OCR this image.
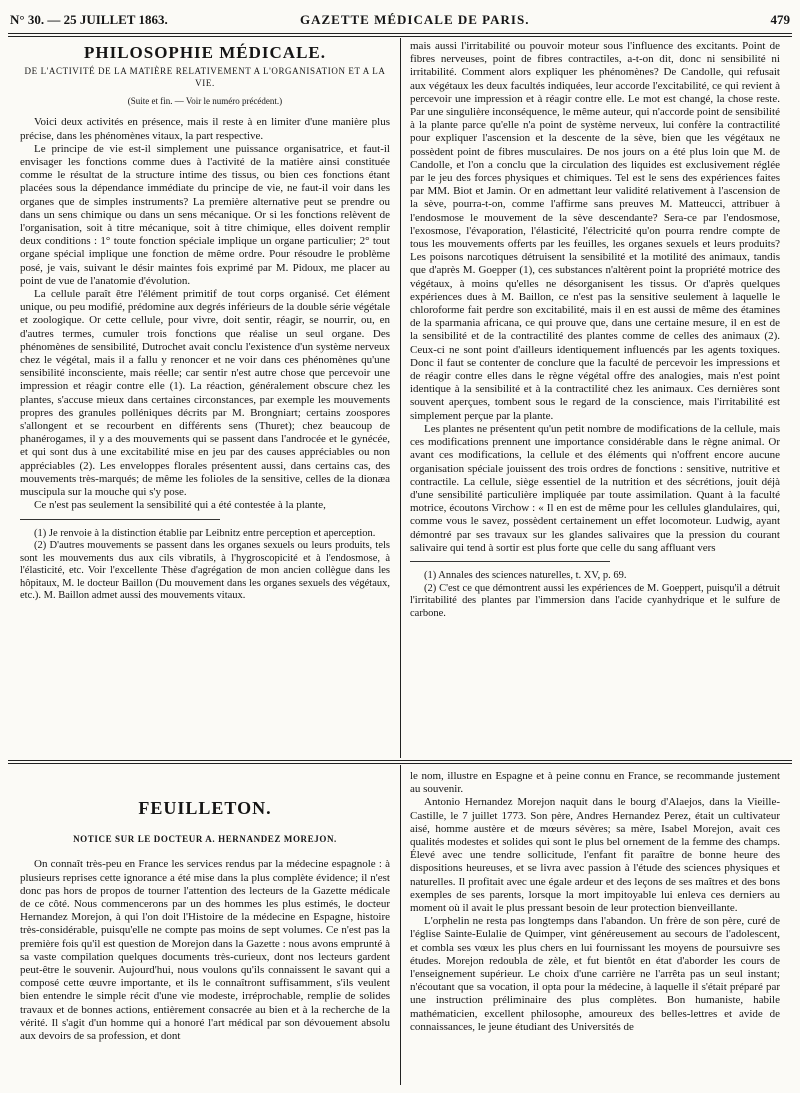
N° 30. — 25 JUILLET 1863.	GAZETTE MÉDICALE DE PARIS.	479
PHILOSOPHIE MÉDICALE.
DE L'ACTIVITÉ DE LA MATIÈRE RELATIVEMENT A L'ORGANISATION ET A LA VIE.
(Suite et fin. — Voir le numéro précédent.)

Voici deux activités en présence, mais il reste à en limiter d'une manière plus précise, dans les phénomènes vitaux, la part respective.

Le principe de vie est-il simplement une puissance organisatrice, et faut-il envisager les fonctions comme dues à l'activité de la matière ainsi constituée comme le résultat de la structure intime des tissus, ou bien ces fonctions étant placées sous la dépendance immédiate du principe de vie, ne faut-il voir dans les organes que de simples instruments? La première alternative peut se prendre ou dans un sens chimique ou dans un sens mécanique. Or si les fonctions relèvent de l'organisation, soit à titre mécanique, soit à titre chimique, elles doivent remplir deux conditions : 1° toute fonction spéciale implique un organe particulier; 2° tout organe spécial implique une fonction de même ordre. Pour résoudre le problème posé, je vais, suivant le désir maintes fois exprimé par M. Pidoux, me placer au point de vue de l'anatomie d'évolution.

La cellule paraît être l'élément primitif de tout corps organisé. Cet élément unique, ou peu modifié, prédomine aux degrés inférieurs de la double série végétale et zoologique. Or cette cellule, pour vivre, doit sentir, réagir, se nourrir, ou, en d'autres termes, cumuler trois fonctions que réalise un seul organe. Des phénomènes de sensibilité, Dutrochet avait conclu l'existence d'un système nerveux chez le végétal, mais il a fallu y renoncer et ne voir dans ces phénomènes qu'une sensibilité inconsciente, mais réelle; car sentir n'est autre chose que percevoir une impression et réagir contre elle (1). La réaction, généralement obscure chez les plantes, s'accuse mieux dans certaines circonstances, par exemple les mouvements propres des granules polléniques décrits par M. Brongniart; certains zoospores s'allongent et se recourbent en différents sens (Thuret); chez beaucoup de phanérogames, il y a des mouvements qui se passent dans l'androcée et le gynécée, et qui sont dus à une excitabilité mise en jeu par des causes appréciables ou non appréciables (2). Les enveloppes florales présentent aussi, dans certains cas, des mouvements très-marqués; de même les folioles de la sensitive, celles de la dionæa muscipula sur la mouche qui s'y pose.

Ce n'est pas seulement la sensibilité qui a été contestée à la plante,

(1) Je renvoie à la distinction établie par Leibnitz entre perception et aperception.

(2) D'autres mouvements se passent dans les organes sexuels ou leurs produits, tels sont les mouvements dus aux cils vibratils, à l'hygroscopicité et à l'endosmose, à l'élasticité, etc. Voir l'excellente Thèse d'agrégation de mon ancien collègue dans les hôpitaux, M. le docteur Baillon (Du mouvement dans les organes sexuels des végétaux, etc.). M. Baillon admet aussi des mouvements vitaux.

mais aussi l'irritabilité ou pouvoir moteur sous l'influence des excitants. Point de fibres nerveuses, point de fibres contractiles, a-t-on dit, donc ni sensibilité ni irritabilité. Comment alors expliquer les phénomènes? De Candolle, qui refusait aux végétaux les deux facultés indiquées, leur accorde l'excitabilité, ce qui revient à percevoir une impression et à réagir contre elle. Le mot est changé, la chose reste. Par une singulière inconséquence, le même auteur, qui n'accorde point de sensibilité à la plante parce qu'elle n'a point de système nerveux, lui confère la contractilité pour expliquer l'ascension et la descente de la sève, bien que les végétaux ne possèdent point de fibres musculaires. De nos jours on a été plus loin que M. de Candolle, et l'on a conclu que la circulation des liquides est exclusivement réglée par le jeu des forces physiques et chimiques. Tel est le sens des expériences faites par MM. Biot et Jamin. Or en admettant leur validité relativement à l'ascension de la sève, pourra-t-on, comme l'affirme sans preuves M. Matteucci, attribuer à l'endosmose le mouvement de la sève descendante? Sera-ce par l'endosmose, l'exosmose, l'évaporation, l'élasticité, l'électricité qu'on pourra rendre compte de tous les mouvements offerts par les feuilles, les organes sexuels et leurs produits? Les poisons narcotiques détruisent la sensibilité et la motilité des animaux, tandis que d'après M. Goepper (1), ces substances n'altèrent point la propriété motrice des végétaux, à moins qu'elles ne désorganisent les tissus. Or d'après quelques expériences dues à M. Baillon, ce n'est pas la sensitive seulement à laquelle le chloroforme fait perdre son excitabilité, mais il en est aussi de même des étamines de la sparmania africana, ce qui prouve que, dans une certaine mesure, il en est de la sensibilité et de la contractilité des plantes comme de celles des animaux (2). Ceux-ci ne sont point d'ailleurs identiquement influencés par les agents toxiques. Donc il faut se contenter de conclure que la faculté de percevoir les impressions et de réagir contre elles dans le règne végétal offre des analogies, mais n'est point identique à la sensibilité et à la contractilité chez les animaux. Ces dernières sont souvent aperçues, tombent sous le regard de la conscience, mais l'irritabilité est simplement perçue par la plante.

Les plantes ne présentent qu'un petit nombre de modifications de la cellule, mais ces modifications prennent une importance considérable dans le règne animal. Or avant ces modifications, la cellule et des éléments qui n'offrent encore aucune organisation spéciale jouissent des trois ordres de fonctions : sensitive, nutritive et contractile. La cellule, siège essentiel de la nutrition et des sécrétions, jouit déjà d'une sensibilité particulière impliquée par toute assimilation. Quant à la faculté motrice, écoutons Virchow : « Il en est de même pour les cellules glandulaires, qui, comme vous le savez, possèdent certainement un effet locomoteur. Ludwig, ayant démontré par ses travaux sur les glandes salivaires que la pression du courant salivaire qui tend à sortir est plus forte que celle du sang affluant vers

(1) Annales des sciences naturelles, t. XV, p. 69.

(2) C'est ce que démontrent aussi les expériences de M. Goeppert, puisqu'il a détruit l'irritabilité des plantes par l'immersion dans l'acide cyanhydrique et le sulfure de carbone.

FEUILLETON.
NOTICE SUR LE DOCTEUR A. HERNANDEZ MOREJON.

On connaît très-peu en France les services rendus par la médecine espagnole : à plusieurs reprises cette ignorance a été mise dans la plus complète évidence; il n'est donc pas hors de propos de tourner l'attention des lecteurs de la Gazette médicale de ce côté. Nous commencerons par un des hommes les plus estimés, le docteur Hernandez Morejon, à qui l'on doit l'Histoire de la médecine en Espagne, histoire très-considérable, puisqu'elle ne compte pas moins de sept volumes. Ce n'est pas la première fois qu'il est question de Morejon dans la Gazette : nous avons emprunté à sa vaste compilation quelques documents très-curieux, dont nos lecteurs gardent peut-être le souvenir. Aujourd'hui, nous voulons qu'ils connaissent le savant qui a composé cette œuvre importante, et ils le connaîtront suffisamment, s'ils veulent bien entendre le simple récit d'une vie modeste, irréprochable, remplie de solides travaux et de bonnes actions, entièrement consacrée au bien et à la recherche de la vérité. Il s'agit d'un homme qui a honoré l'art médical par son dévouement absolu aux devoirs de sa profession, et dont

le nom, illustre en Espagne et à peine connu en France, se recommande justement au souvenir.

Antonio Hernandez Morejon naquit dans le bourg d'Alaejos, dans la Vieille-Castille, le 7 juillet 1773. Son père, Andres Hernandez Perez, était un cultivateur aisé, homme austère et de mœurs sévères; sa mère, Isabel Morejon, avait ces qualités modestes et solides qui sont le plus bel ornement de la femme des champs. Élevé avec une tendre sollicitude, l'enfant fit paraître de bonne heure des dispositions heureuses, et se livra avec passion à l'étude des sciences physiques et naturelles. Il profitait avec une égale ardeur et des leçons de ses maîtres et des bons exemples de ses parents, lorsque la mort impitoyable lui enleva ces derniers au moment où il avait le plus pressant besoin de leur protection bienveillante.

L'orphelin ne resta pas longtemps dans l'abandon. Un frère de son père, curé de l'église Sainte-Eulalie de Quimper, vint généreusement au secours de l'adolescent, et combla ses vœux les plus chers en lui fournissant les moyens de poursuivre ses études. Morejon redoubla de zèle, et fut bientôt en état d'aborder les cours de l'enseignement supérieur. Le choix d'une carrière ne l'arrêta pas un seul instant; n'écoutant que sa vocation, il opta pour la médecine, à laquelle il s'était préparé par une instruction préliminaire des plus complètes. Bon humaniste, habile mathématicien, excellent philosophe, amoureux des belles-lettres et avide de connaissances, le jeune étudiant des Universités de
